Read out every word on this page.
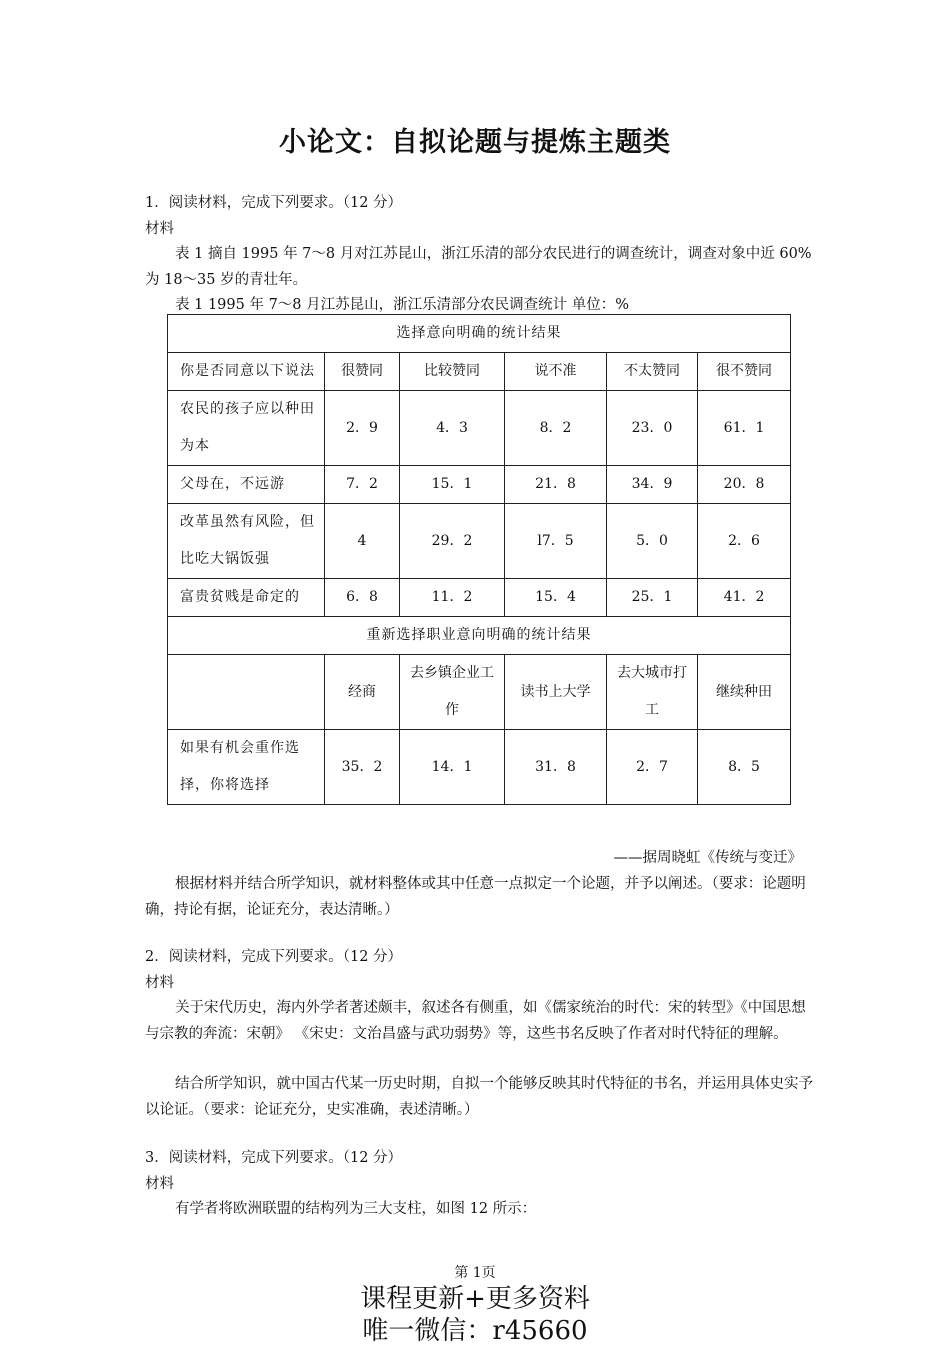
小论文：自拟论题与提炼主题类
1．阅读材料，完成下列要求。（12 分）
材料
表 1 摘自 1995 年 7～8 月对江苏昆山，浙江乐清的部分农民进行的调查统计，调查对象中近 60%为 18～35 岁的青壮年。
表 1 1995 年 7～8 月江苏昆山，浙江乐清部分农民调查统计 单位：%
选择意向明确的统计结果					
你是否同意以下说法	很赞同	比较赞同	说不准	不太赞同	很不赞同
农民的孩子应以种田为本	2．9	4．3	8．2	23．0	61．1
父母在，不远游	7．2	15．1	21．8	34．9	20．8
改革虽然有风险，但比吃大锅饭强	4	29．2	l7．5	5．0	2．6
富贵贫贱是命定的	6．8	11．2	15．4	25．1	41．2
重新选择职业意向明确的统计结果					
	经商	去乡镇企业工作	读书上大学	去大城市打工	继续种田
如果有机会重作选择，你将选择	35．2	14．1	31．8	2．7	8．5
——据周晓虹《传统与变迁》
根据材料并结合所学知识，就材料整体或其中任意一点拟定一个论题，并予以阐述。（要求：论题明确，持论有据，论证充分，表达清晰。）
2．阅读材料，完成下列要求。（12 分）
材料
关于宋代历史，海内外学者著述颇丰，叙述各有侧重，如《儒家统治的时代：宋的转型》《中国思想与宗教的奔流：宋朝》 《宋史：文治昌盛与武功弱势》等，这些书名反映了作者对时代特征的理解。
结合所学知识，就中国古代某一历史时期，自拟一个能够反映其时代特征的书名，并运用具体史实予以论证。（要求：论证充分，史实准确，表述清晰。）
3．阅读材料，完成下列要求。（12 分）
材料
有学者将欧洲联盟的结构列为三大支柱，如图 12 所示：
第 1页
课程更新+更多资料
唯一微信：r45660
